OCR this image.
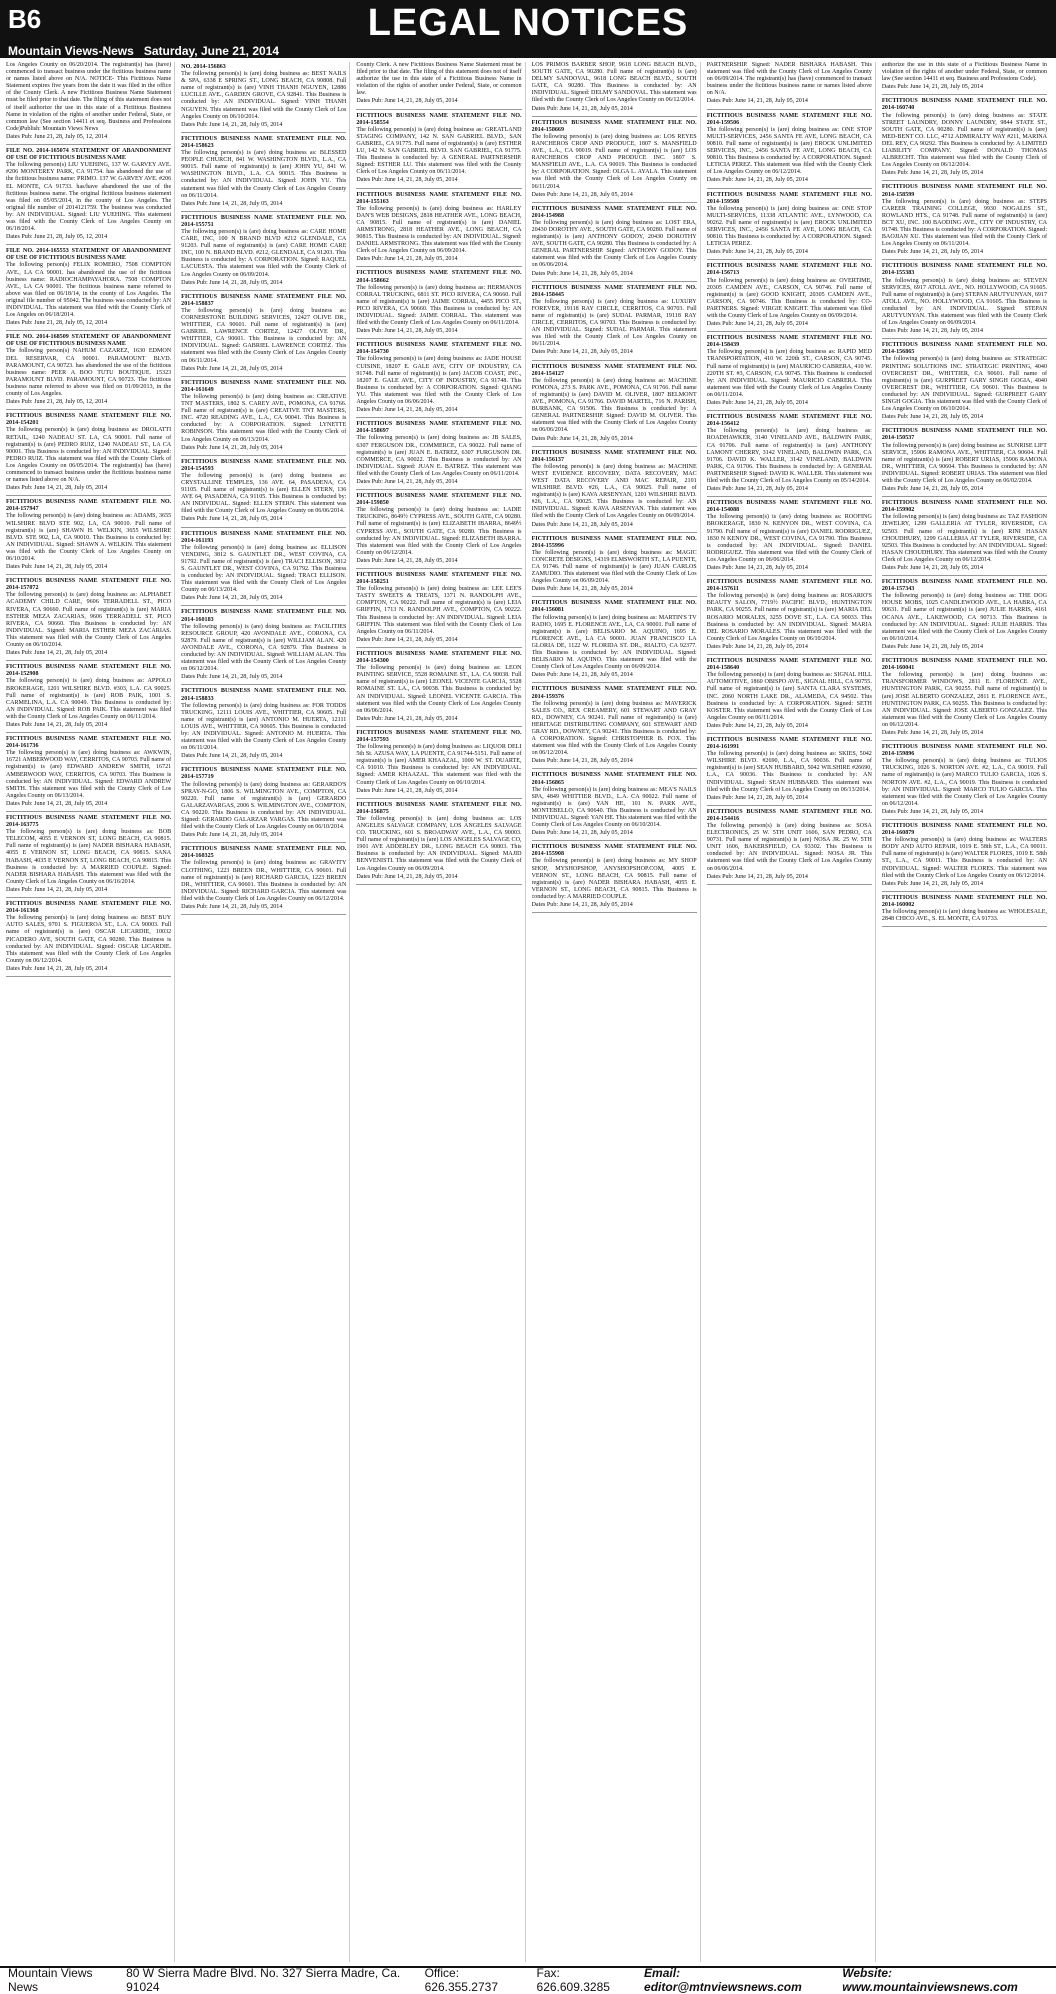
B6	LEGAL NOTICES
Mountain Views-News Saturday, June 21, 2014
Los Angeles County on 06/20/2014. The registrant(s) has (have) commenced to transact business under the fictitious business name or names listed above on N/A. NOTICE- This Fictitious Name Statement expires five years from the date it was filed in the office of the County Clerk. A new Fictitious Business Name Statement must be filed prior to that date. The filing of this statement does not of itself authorize the use in this state of a Fictitious Business Name in violation of the rights of another under Federal, State, or common law (See section 14411 et seq. Business and Professions Code)Publish: Mountain Views News
Dates Pub: June 21, 28, July 05, 12, 2014
FILE NO. 2014-165074 STATEMENT OF ABANDONMENT OF USE OF FICTITIOUS BUSINESS NAME
The following person(s) LIU YUEHING, 137 W. GARVEY AVE. #206 MONTEREY PARK, CA 91754. has abandoned the use of the fictitious business name: PRIMO. 137 W. GARVEY AVE. #206 EL MONTE, CA 91733. has/have abandoned the use of the fictitious business name. The original fictitious business statement was filed on 05/05/2014, in the county of Los Angeles. The original file number of 2014121759. The business was conducted by: AN INDIVIDUAL. Signed: LIU YUEHING. This statement was filed with the County Clerk of Los Angeles County on 06/18/2014.
Dates Pub: June 21, 28, July 05, 12, 2014
FILE NO. 2014-165553 STATEMENT OF ABANDONMENT OF USE OF FICTITIOUS BUSINESS NAME
The following person(s) FELIX ROMERO, 7508 COMPTON AVE., LA CA 90001. has abandoned the use of the fictitious business name: RADIOCHAMPAYAHORA. 7508 COMPTON AVE., LA CA 90001. The fictitious business name referred to above was filed on 06/18/14, in the county of Los Angeles. The original file number of 95042. The business was conducted by: AN INDIVIDUAL. This statement was filed with the County Clerk of Los Angeles on 06/18/2014.
Dates Pub: June 21, 28, July 05, 12, 2014
FILE NO. 2014-168509 STATEMENT OF ABANDONMENT OF USE OF FICTITIOUS BUSINESS NAME
The following person(s) NAHUM CAZAREZ, 1630 EDMON DEL RESERVAR, CA 90001. PARAMOUNT BLVD. PARAMOUNT, CA 90723. has abandoned the use of the fictitious business name: PEER A BOO TUTU BOUTIQUE. 15323 PARAMOUNT BLVD. PARAMOUNT, CA 90723. The fictitious business name referred to above was filed on 01/09/2013, in the county of Los Angeles.
Dates Pub: June 21, 28, July 05, 12, 2014
FICTITIOUS BUSINESS NAME STATEMENT FILE NO. 2014-154201
The following person(s) is (are) doing business as: DROLATTI RETAIL, 1240 NADEAU ST. LA, CA 90001. Full name of registrant(s) is (are) PEDRO RUIZ, 1240 NADEAU ST., LA CA 90001. This Business is conducted by: AN INDIVIDUAL. Signed: PEDRO RUIZ. This statement was filed with the County Clerk of Los Angeles County on 06/05/2014. The registrant(s) has (have) commenced to transact business under the fictitious business name or names listed above on N/A.
Dates Pub: June 14, 21, 28, July 05, 2014
FICTITIOUS BUSINESS NAME STATEMENT FILE NO. 2014-157947
The following person(s) is (are) doing business as: ADAMS, 3655 WILSHIRE BLVD STE 902, LA, CA 90010. Full name of registrant(s) is (are) SHAWN H. WELKIN, 3655 WILSHIRE BLVD. STE 902, LA, CA 90010. This Business is conducted by: AN INDIVIDUAL. Signed: SHAWN A. WELKIN. This statement was filed with the County Clerk of Los Angeles County on 06/10/2014.
Dates Pub: June 14, 21, 28, July 05, 2014
FICTITIOUS BUSINESS NAME STATEMENT FILE NO. 2014-157072
The following person(s) is (are) doing business as: ALPHABET ACADEMY CHILD CARE, 9606 TERRADELL ST., PICO RIVERA, CA 90660. Full name of registrant(s) is (are) MARIA ESTHER MEZA ZACARIAS, 9606 TERRADELL ST. PICO RIVERA, CA 90660. This Business is conducted by: AN INDIVIDUAL. Signed: MARIA ESTHER MEZA ZACARIAS. This statement was filed with the County Clerk of Los Angeles County on 06/10/2014.
Dates Pub: June 14, 21, 28, July 05, 2014
FICTITIOUS BUSINESS NAME STATEMENT FILE NO. 2014-152908
The following person(s) is (are) doing business as: APPOLO BROKERAGE, 1201 WILSHIRE BLVD. #303, L.A. CA 90025. Full name of registrant(s) is (are) ROB PAIK, 1001 S. CARMELINA, L.A. CA 90049. This Business is conducted by: AN INDIVIDUAL. Signed: ROB PAIK. This statement was filed with the County Clerk of Los Angeles County on 06/11/2014.
Dates Pub: June 14, 21, 28, July 05, 2014
FICTITIOUS BUSINESS NAME STATEMENT FILE NO. 2014-161736
The following person(s) is (are) doing business as: AWKWIN, 16721 AMBERWOOD WAY, CERRITOS, CA 90703. Full name of registrant(s) is (are) EDWARD ANDREW SMITH, 16721 AMBERWOOD WAY, CERRITOS, CA 90703. This Business is conducted by: AN INDIVIDUAL. Signed: EDWARD ANDREW SMITH. This statement was filed with the County Clerk of Los Angeles County on 06/13/2014.
Dates Pub: June 14, 21, 28, July 05, 2014
FICTITIOUS BUSINESS NAME STATEMENT FILE NO. 2014-163775
The following person(s) is (are) doing business as: BOB TELECOM, 4055 E VERNON ST, LONG BEACH, CA 90815. Full name of registrant(s) is (are) NADER BISHARA HABASH, 4055 E VERNON ST, LONG BEACH, CA 90815. SANA HABASH, 4035 E VERNON ST, LONG BEACH, CA 90815. This Business is conducted by: A MARRIED COUPLE. Signed: NADER BISHARA HABASH. This statement was filed with the County Clerk of Los Angeles County on 06/16/2014.
Dates Pub: June 14, 21, 28, July 05, 2014
FICTITIOUS BUSINESS NAME STATEMENT FILE NO. 2014-161368
The following person(s) is (are) doing business as: BEST BUY AUTO SALES, 9701 S. FIGUEROA ST., L.A. CA 90003. Full name of registrant(s) is (are) OSCAR LICARDIE, 10032 PICADERO AVE, SOUTH GATE, CA 90280. This Business is conducted by: AN INDIVIDUAL. Signed: OSCAR LICARDIE. This statement was filed with the County Clerk of Los Angeles County on 06/12/2014.
Dates Pub: June 14, 21, 28, July 05, 2014
NO. 2014-156863
The following person(s) is (are) doing business as: BEST NAILS & SPA, 6338 E SPRING ST., LONG BEACH, CA 90808. Full name of registrant(s) is (are) VINH THANH NGUYEN, 12886 LUCILLE AVE., GARDEN GROVE, CA 92841. This Business is conducted by: AN INDIVIDUAL. Signed: VINH THANH NGUYEN. This statement was filed with the County Clerk of Los Angeles County on 06/10/2014.
Dates Pub: June 14, 21, 28, July 05, 2014
FICTITIOUS BUSINESS NAME STATEMENT FILE NO. 2014-158623
The following person(s) is (are) doing business as: BLESSED PEOPLE CHURCH, 841 W. WASHINGTON BLVD., L.A., CA 90015. Full name of registrant(s) is (are) JOHN YU, 841 W. WASHINGTON BLVD., L.A. CA 90015. This Business is conducted by: AN INDIVIDUAL. Signed: JOHN YU. This statement was filed with the County Clerk of Los Angeles County on 06/11/2014.
Dates Pub: June 14, 21, 28, July 05, 2014
FICTITIOUS BUSINESS NAME STATEMENT FILE NO. 2014-155751
The following person(s) is (are) doing business as: CARE HOME CARE, INC, 100 N BRAND BLVD #212 GLENDALE, CA 91203. Full name of registrant(s) is (are) CARE HOME CARE INC, 100 N. BRAND BLVD. #212, GLENDALE, CA 91203. This Business is conducted by: A CORPORATION. Signed: RAQUEL LACUESTA. This statement was filed with the County Clerk of Los Angeles County on 06/09/2014.
Dates Pub: June 14, 21, 28, July 05, 2014
FICTITIOUS BUSINESS NAME STATEMENT FILE NO. 2014-158837
The following person(s) is (are) doing business as: CORNERSTONE BUILDING SERVICES, 12427 OLIVE DR., WHITTIER, CA 90601. Full name of registrant(s) is (are) GABRIEL LAWRENCE CORTEZ, 12427 OLIVE DR., WHITTIER, CA 90601. This Business is conducted by: AN INDIVIDUAL. Signed: GABRIEL LAWRENCE CORTEZ. This statement was filed with the County Clerk of Los Angeles County on 06/11/2014.
Dates Pub: June 14, 21, 28, July 05, 2014
FICTITIOUS BUSINESS NAME STATEMENT FILE NO. 2014-161649
The following person(s) is (are) doing business as: CREATIVE TNT MASTERS, 1802 S. CAREY AVE., POMONA, CA 91766. Full name of registrant(s) is (are) CREATIVE TNT MASTERS, INC. 4720 READING AVE., L.A., CA 90041. This Business is conducted by: A CORPORATION. Signed: LYNETTE ROBINSON. This statement was filed with the County Clerk of Los Angeles County on 06/13/2014.
Dates Pub: June 14, 21, 28, July 05, 2014
FICTITIOUS BUSINESS NAME STATEMENT FILE NO. 2014-154593
The following person(s) is (are) doing business as: CRYSTALLINE TEMPLES, 136 AVE. 64, PASADENA, CA 91105. Full name of registrant(s) is (are) ELLEN STERN, 136 AVE 64, PASADENA, CA 91105. This Business is conducted by: AN INDIVIDUAL. Signed: ELLEN STERN. This statement was filed with the County Clerk of Los Angeles County on 06/06/2014.
Dates Pub: June 14, 21, 28, July 05, 2014
FICTITIOUS BUSINESS NAME STATEMENT FILE NO. 2014-161193
The following person(s) is (are) doing business as: ELLISON VENDING, 3812 S. GAUNTLET DR., WEST COVINA, CA 91792. Full name of registrant(s) is (are) TRACI ELLISON, 3812 S. GAUNTLET DR., WEST COVINA, CA 91792. This Business is conducted by: AN INDIVIDUAL. Signed: TRACI ELLISON. This statement was filed with the County Clerk of Los Angeles County on 06/13/2014.
Dates Pub: June 14, 21, 28, July 05, 2014
FICTITIOUS BUSINESS NAME STATEMENT FILE NO. 2014-160183
The following person(s) is (are) doing business as: FACILITIES RESOURCE GROUP, 420 AVONDALE AVE., CORONA, CA 92879. Full name of registrant(s) is (are) WILLIAM ALAN. 420 AVONDALE AVE., CORONA, CA 92879. This Business is conducted by: AN INDIVIDUAL. Signed: WILLIAM ALAN. This statement was filed with the County Clerk of Los Angeles County on 06/12/2014.
Dates Pub: June 14, 21, 28, July 05, 2014
FICTITIOUS BUSINESS NAME STATEMENT FILE NO. 2014-158833
The following person(s) is (are) doing business as: FOR TODDS TRUCKING, 12111 LOUIS AVE., WHITTIER, CA 90605. Full name of registrant(s) is (are) ANTONIO M. HUERTA, 12111 LOUIS AVE., WHITTIER, CA 90605. This Business is conducted by: AN INDIVIDUAL. Signed: ANTONIO M. HUERTA. This statement was filed with the County Clerk of Los Angeles County on 06/11/2014.
Dates Pub: June 14, 21, 28, July 05, 2014
FICTITIOUS BUSINESS NAME STATEMENT FILE NO. 2014-157719
The following person(s) is (are) doing business as: GERARDO'S SPRAY-N-GO, 1806 S. WILMINGTON AVE., COMPTON, CA 90220. Full name of registrant(s) is (are) GERARDO GALARZAVARGAS, 2006 S. WILMINGTON AVE., COMPTON, CA 90220. This Business is conducted by: AN INDIVIDUAL. Signed: GERARDO GALARZAR VARGAS. This statement was filed with the County Clerk of Los Angeles County on 06/10/2014.
Dates Pub: June 14, 21, 28, July 05, 2014
FICTITIOUS BUSINESS NAME STATEMENT FILE NO. 2014-160325
The following person(s) is (are) doing business as: GRAVITY CLOTHING, 1223 BREEN DR., WHITTIER, CA 90601. Full name of registrant(s) is (are) RICHARD GARCIA, 1223 BREEN DR., WHITTIER, CA 90601. This Business is conducted by: AN INDIVIDUAL. Signed: RICHARD GARCIA. This statement was filed with the County Clerk of Los Angeles County on 06/12/2014.
Dates Pub: June 14, 21, 28, July 05, 2014
County Clerk. A new Fictitious Business Name Statement must be filed prior to that date. The filing of this statement does not of itself authorize the use in this state of a Fictitious Business Name in violation of the rights of another under Federal, State, or common law.
Dates Pub: June 14, 21, 28, July 05, 2014
FICTITIOUS BUSINESS NAME STATEMENT FILE NO. 2014-158554
The following person(s) is (are) doing business as: GREATLAND STAGING COMPANY, 142 N. SAN GABRIEL BLVD., SAN GABRIEL, CA 91775. Full name of registrant(s) is (are) ESTHER LU, 142 N. SAN GABRIEL BLVD. SAN GABRIEL, CA 91775. This Business is conducted by: A GENERAL PARTNERSHIP. Signed: ESTHER LU. This statement was filed with the County Clerk of Los Angeles County on 06/11/2014.
Dates Pub: June 14, 21, 28, July 05, 2014
FICTITIOUS BUSINESS NAME STATEMENT FILE NO. 2014-155163
The following person(s) is (are) doing business as: HARLEY DAN'S WEB DESIGNS, 2818 HEATHER AVE., LONG BEACH, CA 90815. Full name of registrant(s) is (are) DANIEL ARMSTRONG, 2818 HEATHER AVE., LONG BEACH, CA 90815. This Business is conducted by: AN INDIVIDUAL. Signed: DANIEL ARMSTRONG. This statement was filed with the County Clerk of Los Angeles County on 06/09/2014.
Dates Pub: June 14, 21, 28, July 05, 2014
FICTITIOUS BUSINESS NAME STATEMENT FILE NO. 2014-158662
The following person(s) is (are) doing business as: HERMANOS CORRAL TRUCKING, 6811 ST. PICO RIVERA, CA 90660. Full name of registrant(s) is (are) JAIME CORRAL, 4455 PICO ST., PICO RIVERA, CA 90660. This Business is conducted by: AN INDIVIDUAL. Signed: JAIME CORRAL. This statement was filed with the County Clerk of Los Angeles County on 06/11/2014.
Dates Pub: June 14, 21, 28, July 05, 2014
FICTITIOUS BUSINESS NAME STATEMENT FILE NO. 2014-154730
The following person(s) is (are) doing business as: JADE HOUSE CUISINE, 18207 E. GALE AVE, CITY OF INDUSTRY, CA 91748. Full name of registrant(s) is (are) JACOB COAST, INC., 18207 E. GALE AVE., CITY OF INDUSTRY, CA 91748. This Business is conducted by: A CORPORATION. Signed: QIANG YU. This statement was filed with the County Clerk of Los Angeles County on 06/06/2014.
Dates Pub: June 14, 21, 28, July 05, 2014
FICTITIOUS BUSINESS NAME STATEMENT FILE NO. 2014-158697
The following person(s) is (are) doing business as: JB SALES, 6307 FERGUSON DR., COMMERCE, CA 90022. Full name of registrant(s) is (are) JUAN E. BATREZ, 6307 FURGUSON DR. COMMERCE, CA 90022. This Business is conducted by: AN INDIVIDUAL. Signed: JUAN E. BATREZ. This statement was filed with the County Clerk of Los Angeles County on 06/11/2014.
Dates Pub: June 14, 21, 28, July 05, 2014
FICTITIOUS BUSINESS NAME STATEMENT FILE NO. 2014-159850
The following person(s) is (are) doing business as: LADIE TRUCKING, 8649½ CYPRESS AVE., SOUTH GATE, CA 90280. Full name of registrant(s) is (are) ELIZABETH IBARRA, 8649½ CYPRESS AVE., SOUTH GATE, CA 90280. This Business is conducted by: AN INDIVIDUAL. Signed: ELIZABETH IBARRA. This statement was filed with the County Clerk of Los Angeles County on 06/12/2014.
Dates Pub: June 14, 21, 28, July 05, 2014
FICTITIOUS BUSINESS NAME STATEMENT FILE NO. 2014-158251
The following person(s) is (are) doing business as: LEE LEE'S TASTY SWEETS & TREATS, 1371 N. RANDOLPH AVE., COMPTON, CA 90222. Full name of registrant(s) is (are) LEIA GRIFFIN, 1713 N. RANDOLPH AVE., COMPTON, CA 90222. This Business is conducted by: AN INDIVIDUAL. Signed: LEIA GRIFFIN. This statement was filed with the County Clerk of Los Angeles County on 06/11/2014.
Dates Pub: June 14, 21, 28, July 05, 2014
FICTITIOUS BUSINESS NAME STATEMENT FILE NO. 2014-154300
The following person(s) is (are) doing business as: LEON PAINTING SERVICE, 5528 ROMAINE ST., LA. CA 90038. Full name of registrant(s) is (are) LEONEL VICENTE GARCIA, 5528 ROMAINE ST. LA., CA 90038. This Business is conducted by: AN INDIVIDUAL. Signed: LEONEL VICENTE GARCIA. This statement was filed with the County Clerk of Los Angeles County on 06/06/2014.
Dates Pub: June 14, 21, 28, July 05, 2014
FICTITIOUS BUSINESS NAME STATEMENT FILE NO. 2014-157593
The following person(s) is (are) doing business as: LIQUOR DELI 5th St. AZUSA WAY, LA PUENTE, CA 91744-5151. Full name of registrant(s) is (are) AMER KHAAZAL, 1000 W. ST. DUARTE, CA 91010. This Business is conducted by: AN INDIVIDUAL. Signed: AMER KHAAZAL. This statement was filed with the County Clerk of Los Angeles County on 06/10/2014.
Dates Pub: June 14, 21, 28, July 05, 2014
FICTITIOUS BUSINESS NAME STATEMENT FILE NO. 2014-156875
The following person(s) is (are) doing business as: LOS ANGELES SALVAGE COMPANY, LOS ANGELES SALVAGE CO. TRUCKING, 601 S. BROADWAY AVE., L.A., CA 90003. Full name of registrant(s) is (are) LOS ANGELES SALVAGE CO, 1901 AVE ADDERLEY DR., LONG BEACH CA 90803. This Business is conducted by: AN INDIVIDUAL. Signed: MAJID BENVENISTI. This statement was filed with the County Clerk of Los Angeles County on 06/09/2014.
Dates Pub: June 14, 21, 28, July 05, 2014
LOS PRIMOS BARBER SHOP, 9618 LONG BEACH BLVD., SOUTH GATE, CA 90280. Full name of registrant(s) is (are) DELMY SANDOVAL, 9618 LONG BEACH BLVD., SOUTH GATE, CA 90280. This Business is conducted by: AN INDIVIDUAL. Signed: DELMY SANDOVAL. This statement was filed with the County Clerk of Los Angeles County on 06/12/2014.
Dates Pub: June 14, 21, 28, July 05, 2014
FICTITIOUS BUSINESS NAME STATEMENT FILE NO. 2014-158669
The following person(s) is (are) doing business as: LOS REYES RANCHEROS CROP AND PRODUCE, 1807 S. MANSFIELD AVE., L.A., CA 90019. Full name of registrant(s) is (are) LOS RANCHEROS CROP AND PRODUCE INC. 1807 S. MANSFIELD AVE., L.A. CA 90019. This Business is conducted by: A CORPORATION. Signed: OLGA L. AYALA. This statement was filed with the County Clerk of Los Angeles County on 06/11/2014.
Dates Pub: June 14, 21, 28, July 05, 2014
FICTITIOUS BUSINESS NAME STATEMENT FILE NO. 2014-154988
The following person(s) is (are) doing business as: LOST ERA, 20430 DOROTHY AVE., SOUTH GATE, CA 90280. Full name of registrant(s) is (are) ANTHONY GODOY, 20430 DOROTHY AVE, SOUTH GATE, CA 90280. This Business is conducted by: A GENERAL PARTNERSHIP. Signed: ANTHONY GODOY. This statement was filed with the County Clerk of Los Angeles County on 06/06/2014.
Dates Pub: June 14, 21, 28, July 05, 2014
FICTITIOUS BUSINESS NAME STATEMENT FILE NO. 2014-158445
The following person(s) is (are) doing business as: LUXURY FOREVER, 19118 RAY CIRCLE, CERRITOS, CA 90703. Full name of registrant(s) is (are) SUDAL PARMAR, 19118 RAY CIRCLE, CERRITOS, CA 90703. This Business is conducted by: AN INDIVIDUAL. Signed: SUDAL PARMAR. This statement was filed with the County Clerk of Los Angeles County on 06/11/2014.
Dates Pub: June 14, 21, 28, July 05, 2014
FICTITIOUS BUSINESS NAME STATEMENT FILE NO. 2014-154127
The following person(s) is (are) doing business as: MACHINE POMONA, 273 S. PARK AVE., POMONA, CA 91766. Full name of registrant(s) is (are) DAVID M. OLIVER, 1807 BELMONT AVE., POMONA, CA 91766. DAVID MARTEL, 716 N. PARISH, BURBANK, CA 91506. This Business is conducted by: A GENERAL PARTNERSHIP. Signed: DAVID M. OLIVER. This statement was filed with the County Clerk of Los Angeles County on 06/06/2014.
Dates Pub: June 14, 21, 28, July 05, 2014
FICTITIOUS BUSINESS NAME STATEMENT FILE NO. 2014-156137
The following person(s) is (are) doing business as: MACHINE WEST EVIDENCE RECOVERY, DATA RECOVERY, MAC WEST DATA RECOVERY AND MAC REPAIR, 2101 WILSHIRE BLVD. #26, L.A., CA 90025. Full name of registrant(s) is (are) KAVA ARSENYAN, 1201 WILSHIRE BLVD. #26, L.A., CA 90025. This Business is conducted by: AN INDIVIDUAL. Signed: KAVA ARSENYAN. This statement was filed with the County Clerk of Los Angeles County on 06/09/2014.
Dates Pub: June 14, 21, 28, July 05, 2014
FICTITIOUS BUSINESS NAME STATEMENT FILE NO. 2014-155996
The following person(s) is (are) doing business as: MAGIC CONCRETE DESIGNS, 14319 ELMSWORTH ST., LA PUENTE, CA 91746. Full name of registrant(s) is (are) JUAN CARLOS ZAMUDIO. This statement was filed with the County Clerk of Los Angeles County on 06/09/2014.
Dates Pub: June 14, 21, 28, July 05, 2014
FICTITIOUS BUSINESS NAME STATEMENT FILE NO. 2014-156081
The following person(s) is (are) doing business as: MARTIN'S TV RADIO, 1695 E. FLORENCE AVE., LA, CA 90001. Full name of registrant(s) is (are) BELISARIO M. AQUINO, 1695 E. FLORENCE AVE., LA CA 90001. JUAN FRANCISCO LA GLORIA DE, 1122 W. FLORIDA ST. DR., RIALTO, CA 92377. This Business is conducted by: AN INDIVIDUAL. Signed: BELISARIO M. AQUINO. This statement was filed with the County Clerk of Los Angeles County on 06/09/2014.
Dates Pub: June 14, 21, 28, July 05, 2014
FICTITIOUS BUSINESS NAME STATEMENT FILE NO. 2014-159376
The following person(s) is (are) doing business as: MAVERICK SALES CO., REX CREAMERY, 601 STEWART AND GRAY RD., DOWNEY, CA 90241. Full name of registrant(s) is (are) HERITAGE DISTRIBUTING COMPANY, 601 STEWART AND GRAY RD., DOWNEY, CA 90241. This Business is conducted by: A CORPORATION. Signed: CHRISTOPHER B. FOX. This statement was filed with the County Clerk of Los Angeles County on 06/12/2014.
Dates Pub: June 14, 21, 28, July 05, 2014
FICTITIOUS BUSINESS NAME STATEMENT FILE NO. 2014-156865
The following person(s) is (are) doing business as: MEA'S NAILS SPA, 4849 WHITTIER BLVD., L.A. CA 90022. Full name of registrant(s) is (are) YAN HE, 101 N. PARK AVE., MONTEBELLO, CA 90640. This Business is conducted by: AN INDIVIDUAL. Signed: YAN HE. This statement was filed with the County Clerk of Los Angeles County on 06/10/2014.
Dates Pub: June 14, 21, 28, July 05, 2014
FICTITIOUS BUSINESS NAME STATEMENT FILE NO. 2014-155908
The following person(s) is (are) doing business as: MY SHOP SHOP, MYSHOPSHOP, ANYSHOPSHOP.COM, 4005 E. VERNON ST., LONG BEACH, CA 90815. Full name of registrant(s) is (are) NADER BISHARA HABASH, 4055 E. VERNON ST., LONG BEACH, CA 90815. This Business is conducted by: A MARRIED COUPLE.
Dates Pub: June 14, 21, 28, July 05, 2014
PARTNERSHIP. Signed: NADER BISHARA HABASH. This statement was filed with the County Clerk of Los Angeles County on 06/09/2014. The registrant(s) has (have) commenced to transact business under the fictitious business name or names listed above on N/A.
Dates Pub: June 14, 21, 28, July 05, 2014
FICTITIOUS BUSINESS NAME STATEMENT FILE NO. 2014-159506
The following person(s) is (are) doing business as: ONE STOP MULTI-SERVICES, 2456 SANTA FE AVE, LONG BEACH, CA 90810. Full name of registrant(s) is (are) EROCK UNLIMITED SERVICES, INC., 2456 SANTA FE AVE, LONG BEACH, CA 90810. This Business is conducted by: A CORPORATION. Signed: LETICIA PEREZ. This statement was filed with the County Clerk of Los Angeles County on 06/12/2014.
Dates Pub: June 14, 21, 28, July 05, 2014
FICTITIOUS BUSINESS NAME STATEMENT FILE NO. 2014-159508
The following person(s) is (are) doing business as: ONE STOP MULTI-SERVICES, 11338 ATLANTIC AVE., LYNWOOD, CA 90262. Full name of registrant(s) is (are) EROCK UNLIMITED SERVICES, INC., 2456 SANTA FE AVE, LONG BEACH, CA 90810. This Business is conducted by: A CORPORATION. Signed: LETICIA PEREZ.
Dates Pub: June 14, 21, 28, July 05, 2014
FICTITIOUS BUSINESS NAME STATEMENT FILE NO. 2014-156713
The following person(s) is (are) doing business as: OVERTIME, 20305 CAMDEN AVE., CARSON, CA 90746. Full name of registrant(s) is (are) GOOD KNIGHT, 20305 CAMDEN AVE., CARSON, CA 90746. This Business is conducted by: CO-PARTNERS. Signed: VIRGIE KNIGHT. This statement was filed with the County Clerk of Los Angeles County on 06/09/2014.
Dates Pub: June 14, 21, 28, July 05, 2014
FICTITIOUS BUSINESS NAME STATEMENT FILE NO. 2014-158439
The following person(s) is (are) doing business as: RAPID MED TRANSPORTATION, 410 W. 220th ST., CARSON, CA 90745. Full name of registrant(s) is (are) MAURICIO CABRERA, 410 W. 220TH ST. #3, CARSON, CA 90745. This Business is conducted by: AN INDIVIDUAL. Signed: MAURICIO CABRERA. This statement was filed with the County Clerk of Los Angeles County on 06/11/2014.
Dates Pub: June 14, 21, 28, July 05, 2014
FICTITIOUS BUSINESS NAME STATEMENT FILE NO. 2014-156412
The following person(s) is (are) doing business as: ROADHAWKER, 3140 VINELAND AVE., BALDWIN PARK, CA 91706. Full name of registrant(s) is (are) ANTHONY LAMONT CHERRY, 3142 VINELAND, BALDWIN PARK, CA 91706. DAVID K. WALLER, 3142 VINELAND, BALDWIN PARK, CA 91706. This Business is conducted by: A GENERAL PARTNERSHIP. Signed: DAVID K. WALLER. This statement was filed with the County Clerk of Los Angeles County on 05/14/2014.
Dates Pub: June 14, 21, 28, July 05, 2014
FICTITIOUS BUSINESS NAME STATEMENT FILE NO. 2014-154088
The following person(s) is (are) doing business as: ROOFING BROKERAGE, 1830 N. KENYON DR., WEST COVINA, CA 91790. Full name of registrant(s) is (are) DANIEL RODRIGUEZ, 1830 N KENOY DR., WEST COVINA, CA 91790. This Business is conducted by: AN INDIVIDUAL. Signed: DANIEL RODRIGUEZ. This statement was filed with the County Clerk of Los Angeles County on 06/06/2014.
Dates Pub: June 14, 21, 28, July 05, 2014
FICTITIOUS BUSINESS NAME STATEMENT FILE NO. 2014-157611
The following person(s) is (are) doing business as: ROSARIO'S BEAUTY SALON, 7719½ PACIFIC BLVD., HUNTINGTON PARK, CA 90255. Full name of registrant(s) is (are) MARIA DEL ROSARIO MORALES, 3255 DOVE ST., L.A. CA 90033. This Business is conducted by: AN INDIVIDUAL. Signed: MARIA DEL ROSARIO MORALES. This statement was filed with the County Clerk of Los Angeles County on 06/10/2014.
Dates Pub: June 14, 21, 28, July 05, 2014
FICTITIOUS BUSINESS NAME STATEMENT FILE NO. 2014-158640
The following person(s) is (are) doing business as: SIGNAL HILL AUTOMOTIVE, 1860 OBISPO AVE., SIGNAL HILL, CA 90755. Full name of registrant(s) is (are) SANTA CLARA SYSTEMS, INC. 2060 NORTH LAKE DR., ALAMEDA, CA 94502. This Business is conducted by: A CORPORATION. Signed: SETH KOSTER. This statement was filed with the County Clerk of Los Angeles County on 06/11/2014.
Dates Pub: June 14, 21, 28, July 05, 2014
FICTITIOUS BUSINESS NAME STATEMENT FILE NO. 2014-161991
The following person(s) is (are) doing business as: SKIES, 5042 WILSHIRE BLVD. #2690, L.A., CA 90036. Full name of registrant(s) is (are) SEAN HUBBARD, 5042 WILSHIRE #26690, L.A., CA 90036. This Business is conducted by: AN INDIVIDUAL. Signed: SEAN HUBBARD. This statement was filed with the County Clerk of Los Angeles County on 06/13/2014.
Dates Pub: June 14, 21, 28, July 05, 2014
FICTITIOUS BUSINESS NAME STATEMENT FILE NO. 2014-154416
The following person(s) is (are) doing business as: SOSA ELECTRONICS, 25 W. 5TH UNIT 1606, SAN PEDRO, CA 90731. Full name of registrant(s) is (are) NOSA JR. 25 W. 5TH UNIT 1606, BAKERSFIELD, CA 93302. This Business is conducted by: AN INDIVIDUAL. Signed: NOSA JR. This statement was filed with the County Clerk of Los Angeles County on 06/06/2014.
Dates Pub: June 14, 21, 28, July 05, 2014
authorize the use in this state of a Fictitious Business Name in violation of the rights of another under Federal, State, or common law (See section 14411 et seq. Business and Professions Code).
Dates Pub: June 14, 21, 28, July 05, 2014
FICTITIOUS BUSINESS NAME STATEMENT FILE NO. 2014-160740
The following person(s) is (are) doing business as: STATE STREET LAUNDRY, DONNY LAUNDRY, 9844 STATE ST., SOUTH GATE, CA 90280. Full name of registrant(s) is (are) MED-BENT CO. LLC, 4712 ADMIRALTY WAY #211, MARINA DEL REY, CA 90292. This Business is conducted by: A LIMITED LIABILITY COMPANY. Signed: DONALD THOMAS ALBRECHT. This statement was filed with the County Clerk of Los Angeles County on 06/12/2014.
Dates Pub: June 14, 21, 28, July 05, 2014
FICTITIOUS BUSINESS NAME STATEMENT FILE NO. 2014-158599
The following person(s) is (are) doing business as: STEPS CAREER TRAINING COLLEGE, 9930 NOGALES ST., ROWLAND HTS., CA 91748. Full name of registrant(s) is (are) BCT XU, INC. 100 BAODING AVE., CITY OF INDUSTRY, CA 91748. This Business is conducted by: A CORPORATION. Signed: BAOJIAN XU. This statement was filed with the County Clerk of Los Angeles County on 06/11/2014.
Dates Pub: June 14, 21, 28, July 05, 2014
FICTITIOUS BUSINESS NAME STATEMENT FILE NO. 2014-155383
The following person(s) is (are) doing business as: STEVEN SERVICES, 6917 ATOLL AVE., NO. HOLLYWOOD, CA 91605. Full name of registrant(s) is (are) STEPAN ARUTYUNYAN, 6917 ATOLL AVE., NO. HOLLYWOOD, CA 91605. This Business is conducted by: AN INDIVIDUAL. Signed: STEPAN ARUTYUNYAN. This statement was filed with the County Clerk of Los Angeles County on 06/09/2014.
Dates Pub: June 14, 21, 28, July 05, 2014
FICTITIOUS BUSINESS NAME STATEMENT FILE NO. 2014-156865
The following person(s) is (are) doing business as: STRATEGIC PRINTING SOLUTIONS INC. STRATEGIC PRINTING, 4040 OVERCREST DR., WHITTIER, CA 90601. Full name of registrant(s) is (are) GURPREET GARY SINGH GOGIA, 4040 OVERCREST DR., WHITTIER, CA 90601. This Business is conducted by: AN INDIVIDUAL. Signed: GURPREET GARY SINGH GOGIA. This statement was filed with the County Clerk of Los Angeles County on 06/10/2014.
Dates Pub: June 14, 21, 28, July 05, 2014
FICTITIOUS BUSINESS NAME STATEMENT FILE NO. 2014-150537
The following person(s) is (are) doing business as: SUNRISE LIFT SERVICE, 15906 RAMONA AVE., WHITTIER, CA 90604. Full name of registrant(s) is (are) ROBERT URIAS, 15906 RAMONA DR., WHITTIER, CA 90604. This Business is conducted by: AN INDIVIDUAL. Signed: ROBERT URIAS. This statement was filed with the County Clerk of Los Angeles County on 06/02/2014.
Dates Pub: June 14, 21, 28, July 05, 2014
FICTITIOUS BUSINESS NAME STATEMENT FILE NO. 2014-159902
The following person(s) is (are) doing business as: TAZ FASHION JEWELRY, 1299 GALLERIA AT TYLER, RIVERSIDE, CA 92503. Full name of registrant(s) is (are) RINI HASAN CHOUDHURY, 1299 GALLERIA AT TYLER, RIVERSIDE, CA 92503. This Business is conducted by: AN INDIVIDUAL. Signed: HASAN CHOUDHURY. This statement was filed with the County Clerk of Los Angeles County on 06/12/2014.
Dates Pub: June 14, 21, 28, July 05, 2014
FICTITIOUS BUSINESS NAME STATEMENT FILE NO. 2014-157343
The following person(s) is (are) doing business as: THE DOG HOUSE MOBS, 1025 CANDLEWOOD AVE., LA HABRA, CA 90631. Full name of registrant(s) is (are) JULIE HARRIS, 4161 OCANA AVE., LAKEWOOD, CA 90713. This Business is conducted by: AN INDIVIDUAL. Signed: JULIE HARRIS. This statement was filed with the County Clerk of Los Angeles County on 06/10/2014.
Dates Pub: June 14, 21, 28, July 05, 2014
FICTITIOUS BUSINESS NAME STATEMENT FILE NO. 2014-160041
The following person(s) is (are) doing business as: TRANSFORMER WINDOWS, 2811 E. FLORENCE AVE., HUNTINGTON PARK, CA 90255. Full name of registrant(s) is (are) JOSE ALBERTO GONZALEZ, 2811 E. FLORENCE AVE., HUNTINGTON PARK, CA 90255. This Business is conducted by: AN INDIVIDUAL. Signed: JOSE ALBERTO GONZALEZ. This statement was filed with the County Clerk of Los Angeles County on 06/12/2014.
Dates Pub: June 14, 21, 28, July 05, 2014
FICTITIOUS BUSINESS NAME STATEMENT FILE NO. 2014-159896
The following person(s) is (are) doing business as: TULIOS TRUCKING, 1026 S. NORTON AVE. #2, L.A., CA 90019. Full name of registrant(s) is (are) MARCO TULIO GARCIA, 1026 S. NORTON AVE. #2, L.A., CA 90019. This Business is conducted by: AN INDIVIDUAL. Signed: MARCO TULIO GARCIA. This statement was filed with the County Clerk of Los Angeles County on 06/12/2014.
Dates Pub: June 14, 21, 28, July 05, 2014
FICTITIOUS BUSINESS NAME STATEMENT FILE NO. 2014-160879
The following person(s) is (are) doing business as: WALTERS BODY AND AUTO REPAIR, 1019 E. 58th ST., L.A., CA 90011. Full name of registrant(s) is (are) WALTER FLORES, 1019 E. 58th ST., L.A., CA 90011. This Business is conducted by: AN INDIVIDUAL. Signed: WALTER FLORES. This statement was filed with the County Clerk of Los Angeles County on 06/12/2014.
Dates Pub: June 14, 21, 28, July 05, 2014
FICTITIOUS BUSINESS NAME STATEMENT FILE NO. 2014-160002
The following person(s) is (are) doing business as: WHOLESALE, 2848 CHICO AVE., S. EL MONTE, CA 91733.
Mountain Views News
80 W Sierra Madre Blvd. No. 327 Sierra Madre, Ca. 91024
Office: 626.355.2737
Fax: 626.609.3285
Email: editor@mtnviewsnews.com
Website: www.mountainviewsnews.com
